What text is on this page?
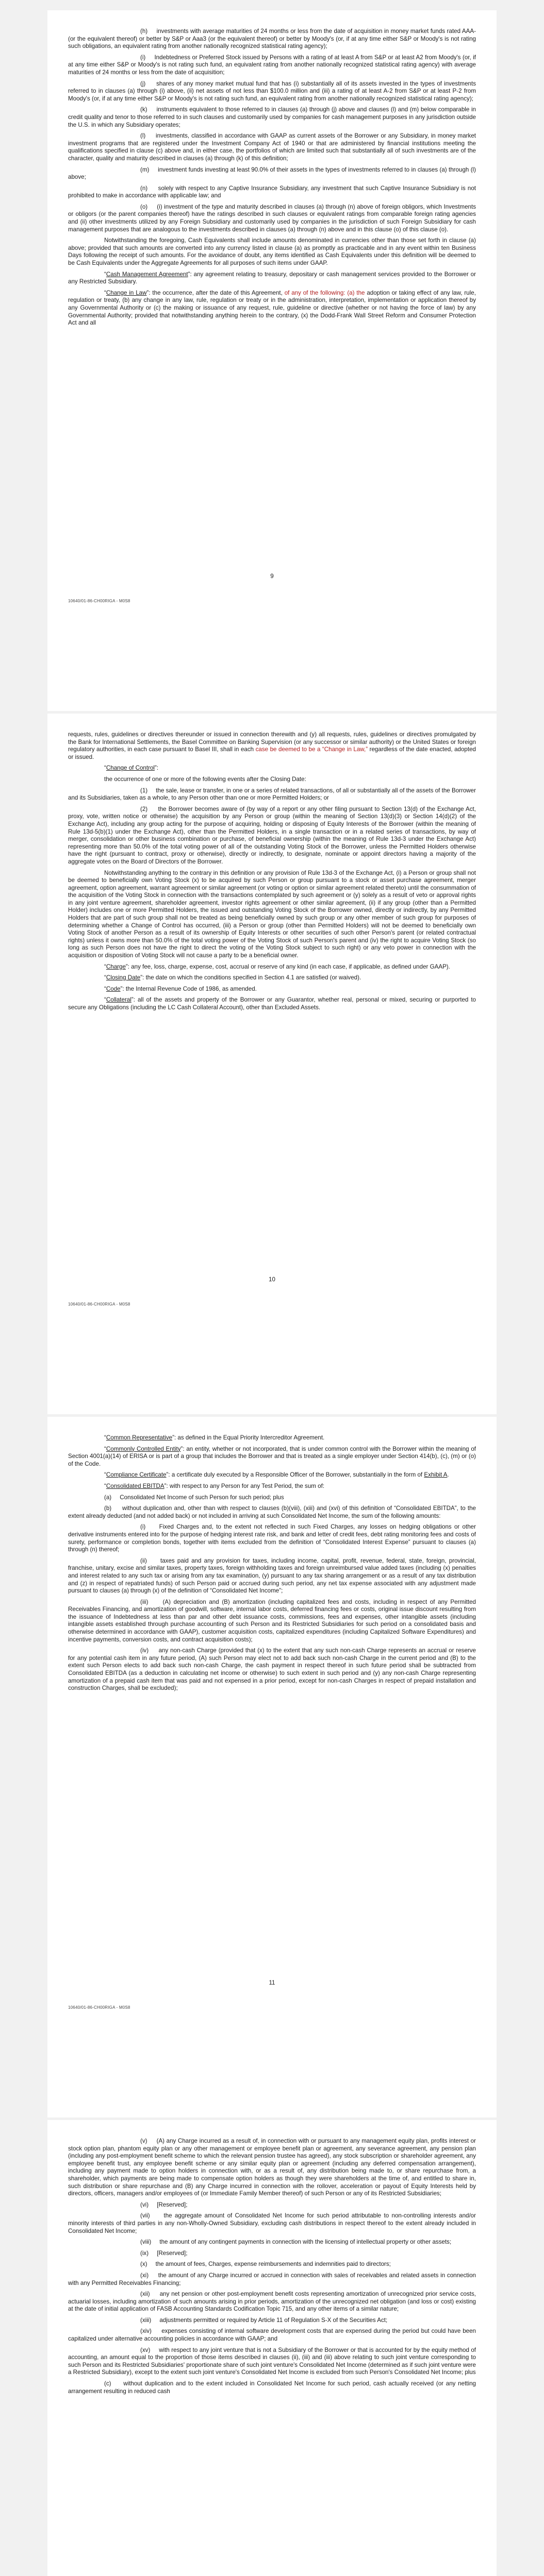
(h)     investments with average maturities of 24 months or less from the date of acquisition in money market funds rated AAA- (or the equivalent thereof) or better by S&P or Aaa3 (or the equivalent thereof) or better by Moody's (or, if at any time either S&P or Moody's is not rating such obligations, an equivalent rating from another nationally recognized statistical rating agency);

(i)     Indebtedness or Preferred Stock issued by Persons with a rating of at least A from S&P or at least A2 from Moody's (or, if at any time either S&P or Moody's is not rating such fund, an equivalent rating from another nationally recognized statistical rating agency) with average maturities of 24 months or less from the date of acquisition;

(j)     shares of any money market mutual fund that has (i) substantially all of its assets invested in the types of investments referred to in clauses (a) through (i) above, (ii) net assets of not less than $100.0 million and (iii) a rating of at least A-2 from S&P or at least P-2 from Moody's (or, if at any time either S&P or Moody's is not rating such fund, an equivalent rating from another nationally recognized statistical rating agency);

(k)     instruments equivalent to those referred to in clauses (a) through (j) above and clauses (l) and (m) below comparable in credit quality and tenor to those referred to in such clauses and customarily used by companies for cash management purposes in any jurisdiction outside the U.S. in which any Subsidiary operates;

(l)     investments, classified in accordance with GAAP as current assets of the Borrower or any Subsidiary, in money market investment programs that are registered under the Investment Company Act of 1940 or that are administered by financial institutions meeting the qualifications specified in clause (c) above and, in either case, the portfolios of which are limited such that substantially all of such investments are of the character, quality and maturity described in clauses (a) through (k) of this definition;

(m)     investment funds investing at least 90.0% of their assets in the types of investments referred to in clauses (a) through (l) above;

(n)     solely with respect to any Captive Insurance Subsidiary, any investment that such Captive Insurance Subsidiary is not prohibited to make in accordance with applicable law; and

(o)     (i) investment of the type and maturity described in clauses (a) through (n) above of foreign obligors, which Investments or obligors (or the parent companies thereof) have the ratings described in such clauses or equivalent ratings from comparable foreign rating agencies and (ii) other investments utilized by any Foreign Subsidiary and customarily used by companies in the jurisdiction of such Foreign Subsidiary for cash management purposes that are analogous to the investments described in clauses (a) through (n) above and in this clause (o) of this clause (o).

Notwithstanding the foregoing, Cash Equivalents shall include amounts denominated in currencies other than those set forth in clause (a) above; provided that such amounts are converted into any currency listed in clause (a) as promptly as practicable and in any event within ten Business Days following the receipt of such amounts. For the avoidance of doubt, any items identified as Cash Equivalents under this definition will be deemed to be Cash Equivalents under the Aggregate Agreements for all purposes of such items under GAAP.

“Cash Management Agreement”: any agreement relating to treasury, depositary or cash management services provided to the Borrower or any Restricted Subsidiary.

“Change in Law”: the occurrence, after the date of this Agreement, of any of the following: (a) the adoption or taking effect of any law, rule, regulation or treaty, (b) any change in any law, rule, regulation or treaty or in the administration, interpretation, implementation or application thereof by any Governmental Authority or (c) the making or issuance of any request, rule, guideline or directive (whether or not having the force of law) by any Governmental Authority; provided that notwithstanding anything herein to the contrary, (x) the Dodd-Frank Wall Street Reform and Consumer Protection Act and all

9
10640/01-86-CH00RIGA - M0S8

requests, rules, guidelines or directives thereunder or issued in connection therewith and (y) all requests, rules, guidelines or directives promulgated by the Bank for International Settlements, the Basel Committee on Banking Supervision (or any successor or similar authority) or the United States or foreign regulatory authorities, in each case pursuant to Basel III, shall in each case be deemed to be a “Change in Law,” regardless of the date enacted, adopted or issued.

“Change of Control”:

the occurrence of one or more of the following events after the Closing Date:

(1)     the sale, lease or transfer, in one or a series of related transactions, of all or substantially all of the assets of the Borrower and its Subsidiaries, taken as a whole, to any Person other than one or more Permitted Holders; or

(2)     the Borrower becomes aware of (by way of a report or any other filing pursuant to Section 13(d) of the Exchange Act, proxy, vote, written notice or otherwise) the acquisition by any Person or group (within the meaning of Section 13(d)(3) or Section 14(d)(2) of the Exchange Act), including any group acting for the purpose of acquiring, holding or disposing of Equity Interests of the Borrower (within the meaning of Rule 13d-5(b)(1) under the Exchange Act), other than the Permitted Holders, in a single transaction or in a related series of transactions, by way of merger, consolidation or other business combination or purchase, of beneficial ownership (within the meaning of Rule 13d-3 under the Exchange Act) representing more than 50.0% of the total voting power of all of the outstanding Voting Stock of the Borrower, unless the Permitted Holders otherwise have the right (pursuant to contract, proxy or otherwise), directly or indirectly, to designate, nominate or appoint directors having a majority of the aggregate votes on the Board of Directors of the Borrower.

Notwithstanding anything to the contrary in this definition or any provision of Rule 13d-3 of the Exchange Act, (i) a Person or group shall not be deemed to beneficially own Voting Stock (x) to be acquired by such Person or group pursuant to a stock or asset purchase agreement, merger agreement, option agreement, warrant agreement or similar agreement (or voting or option or similar agreement related thereto) until the consummation of the acquisition of the Voting Stock in connection with the transactions contemplated by such agreement or (y) solely as a result of veto or approval rights in any joint venture agreement, shareholder agreement, investor rights agreement or other similar agreement, (ii) if any group (other than a Permitted Holder) includes one or more Permitted Holders, the issued and outstanding Voting Stock of the Borrower owned, directly or indirectly, by any Permitted Holders that are part of such group shall not be treated as being beneficially owned by such group or any other member of such group for purposes of determining whether a Change of Control has occurred, (iii) a Person or group (other than Permitted Holders) will not be deemed to beneficially own Voting Stock of another Person as a result of its ownership of Equity Interests or other securities of such other Person's parent (or related contractual rights) unless it owns more than 50.0% of the total voting power of the Voting Stock of such Person's parent and (iv) the right to acquire Voting Stock (so long as such Person does not have the right to direct the voting of the Voting Stock subject to such right) or any veto power in connection with the acquisition or disposition of Voting Stock will not cause a party to be a beneficial owner.

“Charge”: any fee, loss, charge, expense, cost, accrual or reserve of any kind (in each case, if applicable, as defined under GAAP).

“Closing Date”: the date on which the conditions specified in Section 4.1 are satisfied (or waived).

“Code”: the Internal Revenue Code of 1986, as amended.

“Collateral”: all of the assets and property of the Borrower or any Guarantor, whether real, personal or mixed, securing or purported to secure any Obligations (including the LC Cash Collateral Account), other than Excluded Assets.

10
10640/01-86-CH00RIGA - M0S8

“Common Representative”: as defined in the Equal Priority Intercreditor Agreement.

“Commonly Controlled Entity”: an entity, whether or not incorporated, that is under common control with the Borrower within the meaning of Section 4001(a)(14) of ERISA or is part of a group that includes the Borrower and that is treated as a single employer under Section 414(b), (c), (m) or (o) of the Code.

“Compliance Certificate”: a certificate duly executed by a Responsible Officer of the Borrower, substantially in the form of Exhibit A.

“Consolidated EBITDA”: with respect to any Person for any Test Period, the sum of:

(a)     Consolidated Net Income of such Person for such period; plus

(b)     without duplication and, other than with respect to clauses (b)(viii), (xiii) and (xvi) of this definition of “Consolidated EBITDA”, to the extent already deducted (and not added back) or not included in arriving at such Consolidated Net Income, the sum of the following amounts:

(i)     Fixed Charges and, to the extent not reflected in such Fixed Charges, any losses on hedging obligations or other derivative instruments entered into for the purpose of hedging interest rate risk, and bank and letter of credit fees, debt rating monitoring fees and costs of surety, performance or completion bonds, together with items excluded from the definition of “Consolidated Interest Expense” pursuant to clauses (a) through (n) thereof;

(ii)     taxes paid and any provision for taxes, including income, capital, profit, revenue, federal, state, foreign, provincial, franchise, unitary, excise and similar taxes, property taxes, foreign withholding taxes and foreign unreimbursed value added taxes (including (x) penalties and interest related to any such tax or arising from any tax examination, (y) pursuant to any tax sharing arrangement or as a result of any tax distribution and (z) in respect of repatriated funds) of such Person paid or accrued during such period, any net tax expense associated with any adjustment made pursuant to clauses (a) through (x) of the definition of “Consolidated Net Income”;

(iii)     (A) depreciation and (B) amortization (including capitalized fees and costs, including in respect of any Permitted Receivables Financing, and amortization of goodwill, software, internal labor costs, deferred financing fees or costs, original issue discount resulting from the issuance of Indebtedness at less than par and other debt issuance costs, commissions, fees and expenses, other intangible assets (including intangible assets established through purchase accounting of such Person and its Restricted Subsidiaries for such period on a consolidated basis and otherwise determined in accordance with GAAP), customer acquisition costs, capitalized expenditures (including Capitalized Software Expenditures) and incentive payments, conversion costs, and contract acquisition costs);

(iv)     any non-cash Charge (provided that (x) to the extent that any such non-cash Charge represents an accrual or reserve for any potential cash item in any future period, (A) such Person may elect not to add back such non-cash Charge in the current period and (B) to the extent such Person elects to add back such non-cash Charge, the cash payment in respect thereof in such future period shall be subtracted from Consolidated EBITDA (as a deduction in calculating net income or otherwise) to such extent in such period and (y) any non-cash Charge representing amortization of a prepaid cash item that was paid and not expensed in a prior period, except for non-cash Charges in respect of prepaid installation and construction Charges, shall be excluded);

11
10640/01-86-CH00RIGA - M0S8

(v)     (A) any Charge incurred as a result of, in connection with or pursuant to any management equity plan, profits interest or stock option plan, phantom equity plan or any other management or employee benefit plan or agreement, any severance agreement, any pension plan (including any post-employment benefit scheme to which the relevant pension trustee has agreed), any stock subscription or shareholder agreement, any employee benefit trust, any employee benefit scheme or any similar equity plan or agreement (including any deferred compensation arrangement), including any payment made to option holders in connection with, or as a result of, any distribution being made to, or share repurchase from, a shareholder, which payments are being made to compensate option holders as though they were shareholders at the time of, and entitled to share in, such distribution or share repurchase and (B) any Charge incurred in connection with the rollover, acceleration or payout of Equity Interests held by directors, officers, managers and/or employees of (or Immediate Family Member thereof) of such Person or any of its Restricted Subsidiaries;

(vi)     [Reserved];

(vii)     the aggregate amount of Consolidated Net Income for such period attributable to non-controlling interests and/or minority interests of third parties in any non-Wholly-Owned Subsidiary, excluding cash distributions in respect thereof to the extent already included in Consolidated Net Income;

(viii)     the amount of any contingent payments in connection with the licensing of intellectual property or other assets;

(ix)     [Reserved];

(x)     the amount of fees, Charges, expense reimbursements and indemnities paid to directors;

(xi)     the amount of any Charge incurred or accrued in connection with sales of receivables and related assets in connection with any Permitted Receivables Financing;

(xii)     any net pension or other post-employment benefit costs representing amortization of unrecognized prior service costs, actuarial losses, including amortization of such amounts arising in prior periods, amortization of the unrecognized net obligation (and loss or cost) existing at the date of initial application of FASB Accounting Standards Codification Topic 715, and any other items of a similar nature;

(xiii)     adjustments permitted or required by Article 11 of Regulation S-X of the Securities Act;

(xiv)     expenses consisting of internal software development costs that are expensed during the period but could have been capitalized under alternative accounting policies in accordance with GAAP; and

(xv)     with respect to any joint venture that is not a Subsidiary of the Borrower or that is accounted for by the equity method of accounting, an amount equal to the proportion of those items described in clauses (ii), (iii) and (iii) above relating to such joint venture corresponding to such Person and its Restricted Subsidiaries' proportionate share of such joint venture's Consolidated Net Income (determined as if such joint venture were a Restricted Subsidiary), except to the extent such joint venture's Consolidated Net Income is excluded from such Person's Consolidated Net Income; plus

(c)     without duplication and to the extent included in Consolidated Net Income for such period, cash actually received (or any netting arrangement resulting in reduced cash
